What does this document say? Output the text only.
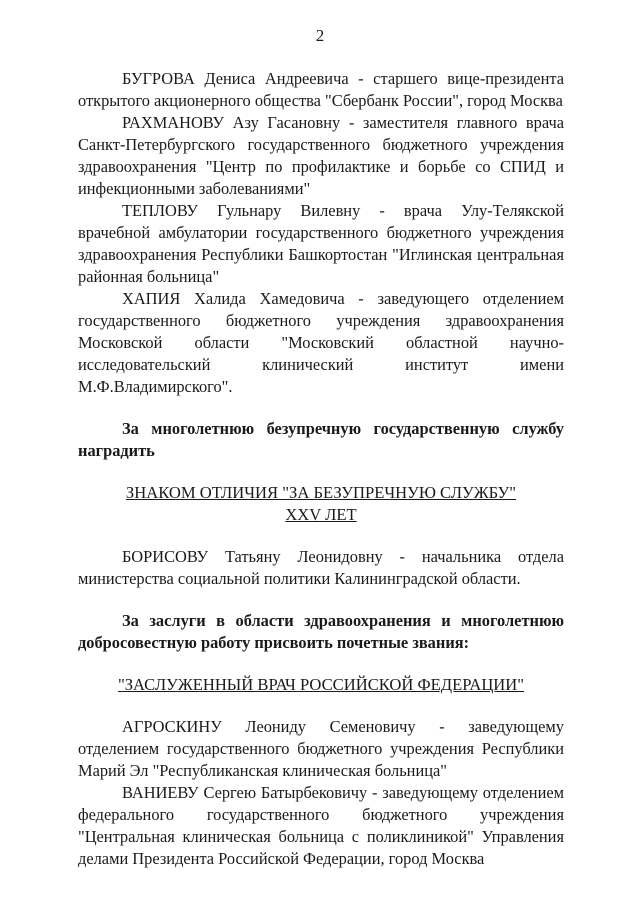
2

БУГРОВА Дениса Андреевича - старшего вице-президента открытого акционерного общества "Сбербанк России", город Москва

РАХМАНОВУ Азу Гасановну - заместителя главного врача Санкт-Петербургского государственного бюджетного учреждения здравоохранения "Центр по профилактике и борьбе со СПИД и инфекционными заболеваниями"

ТЕПЛОВУ Гульнару Вилевну - врача Улу-Телякской врачебной амбулатории государственного бюджетного учреждения здравоохранения Республики Башкортостан "Иглинская центральная районная больница"

ХАПИЯ Халида Хамедовича - заведующего отделением государственного бюджетного учреждения здравоохранения Московской области "Московский областной научно-исследовательский клинический институт имени М.Ф.Владимирского".

За многолетнюю безупречную государственную службу наградить

ЗНАКОМ ОТЛИЧИЯ "ЗА БЕЗУПРЕЧНУЮ СЛУЖБУ"

XXV ЛЕТ

БОРИСОВУ Татьяну Леонидовну - начальника отдела министерства социальной политики Калининградской области.

За заслуги в области здравоохранения и многолетнюю добросовестную работу присвоить почетные звания:

"ЗАСЛУЖЕННЫЙ ВРАЧ РОССИЙСКОЙ ФЕДЕРАЦИИ"

АГРОСКИНУ Леониду Семеновичу - заведующему отделением государственного бюджетного учреждения Республики Марий Эл "Республиканская клиническая больница"

ВАНИЕВУ Сергею Батырбековичу - заведующему отделением федерального государственного бюджетного учреждения "Центральная клиническая больница с поликлиникой" Управления делами Президента Российской Федерации, город Москва
